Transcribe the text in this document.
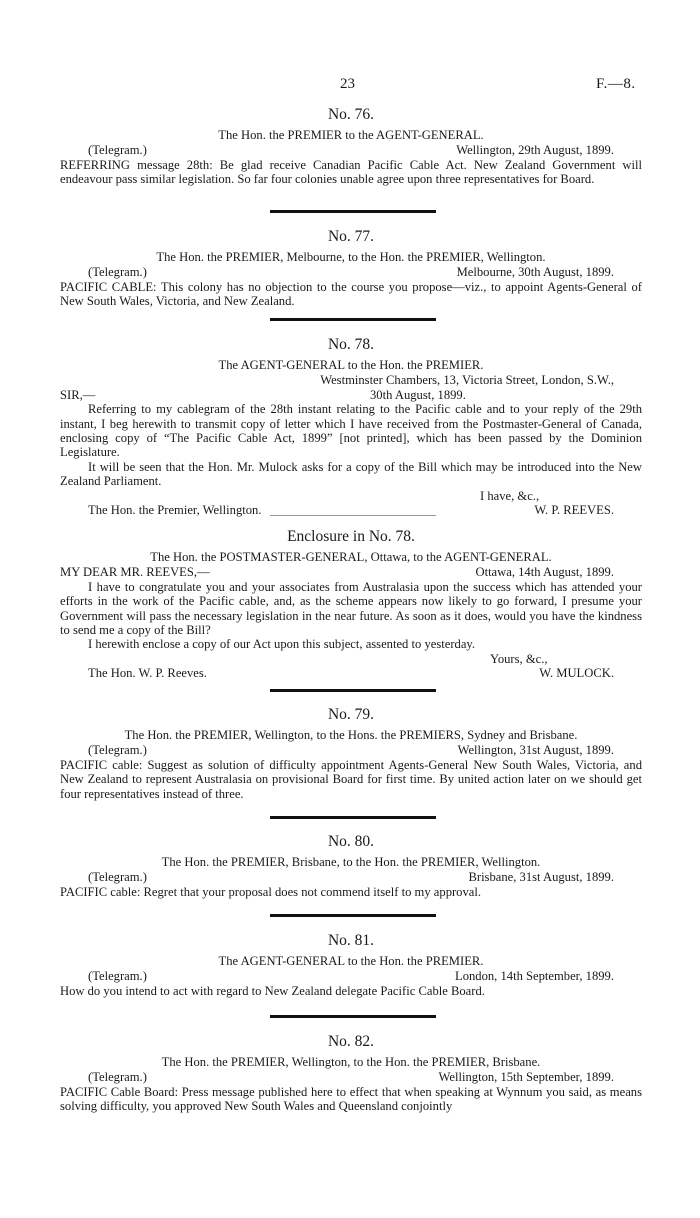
23	F.—8.
No. 76.
The Hon. the PREMIER to the AGENT-GENERAL.
(Telegram.)	Wellington, 29th August, 1899.
REFERRING message 28th: Be glad receive Canadian Pacific Cable Act. New Zealand Government will endeavour pass similar legislation. So far four colonies unable agree upon three representatives for Board.
No. 77.
The Hon. the PREMIER, Melbourne, to the Hon. the PREMIER, Wellington.
(Telegram.)	Melbourne, 30th August, 1899.
PACIFIC CABLE: This colony has no objection to the course you propose—viz., to appoint Agents-General of New South Wales, Victoria, and New Zealand.
No. 78.
The AGENT-GENERAL to the Hon. the PREMIER.
Westminster Chambers, 13, Victoria Street, London, S.W.,
SIR,—	30th August, 1899.
Referring to my cablegram of the 28th instant relating to the Pacific cable and to your reply of the 29th instant, I beg herewith to transmit copy of letter which I have received from the Postmaster-General of Canada, enclosing copy of “The Pacific Cable Act, 1899” [not printed], which has been passed by the Dominion Legislature.
It will be seen that the Hon. Mr. Mulock asks for a copy of the Bill which may be introduced into the New Zealand Parliament.
I have, &c.,
The Hon. the Premier, Wellington.	W. P. REEVES.
Enclosure in No. 78.
The Hon. the POSTMASTER-GENERAL, Ottawa, to the AGENT-GENERAL.
MY DEAR MR. REEVES,—	Ottawa, 14th August, 1899.
I have to congratulate you and your associates from Australasia upon the success which has attended your efforts in the work of the Pacific cable, and, as the scheme appears now likely to go forward, I presume your Government will pass the necessary legislation in the near future. As soon as it does, would you have the kindness to send me a copy of the Bill?
I herewith enclose a copy of our Act upon this subject, assented to yesterday.
Yours, &c.,
The Hon. W. P. Reeves.	W. MULOCK.
No. 79.
The Hon. the PREMIER, Wellington, to the Hons. the PREMIERS, Sydney and Brisbane.
(Telegram.)	Wellington, 31st August, 1899.
PACIFIC cable: Suggest as solution of difficulty appointment Agents-General New South Wales, Victoria, and New Zealand to represent Australasia on provisional Board for first time. By united action later on we should get four representatives instead of three.
No. 80.
The Hon. the PREMIER, Brisbane, to the Hon. the PREMIER, Wellington.
(Telegram.)	Brisbane, 31st August, 1899.
PACIFIC cable: Regret that your proposal does not commend itself to my approval.
No. 81.
The AGENT-GENERAL to the Hon. the PREMIER.
(Telegram.)	London, 14th September, 1899.
How do you intend to act with regard to New Zealand delegate Pacific Cable Board.
No. 82.
The Hon. the PREMIER, Wellington, to the Hon. the PREMIER, Brisbane.
(Telegram.)	Wellington, 15th September, 1899.
PACIFIC Cable Board: Press message published here to effect that when speaking at Wynnum you said, as means solving difficulty, you approved New South Wales and Queensland conjointly
